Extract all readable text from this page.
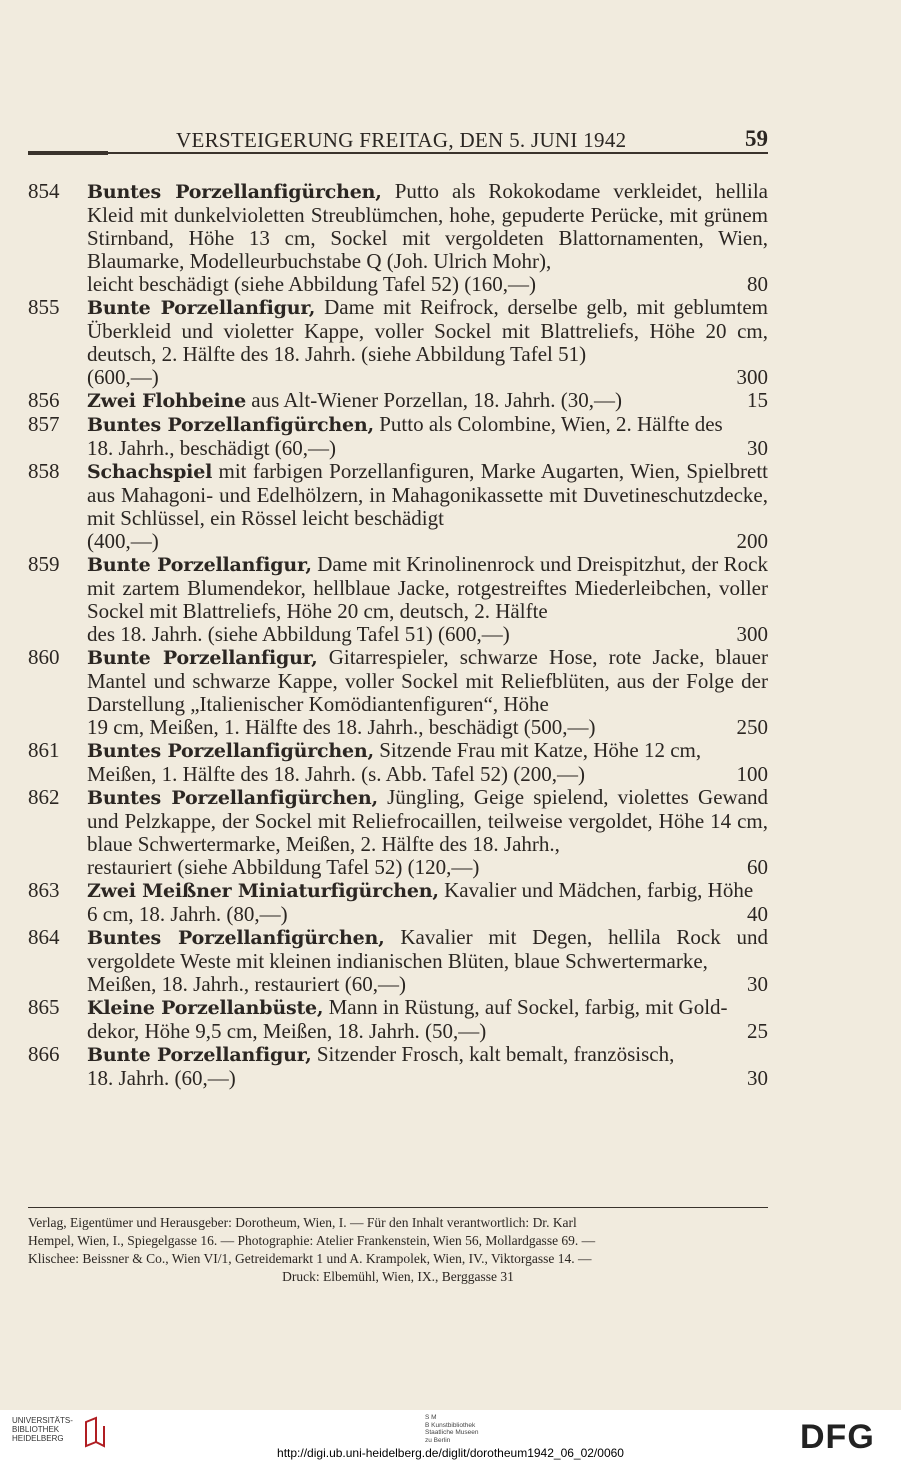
VERSTEIGERUNG FREITAG, DEN 5. JUNI 1942	59
854 Buntes Porzellanfigürchen, Putto als Rokokodame verkleidet, hellila Kleid mit dunkelvioletten Streublümchen, hohe, gepuderte Perücke, mit grünem Stirnband, Höhe 13 cm, Sockel mit vergoldeten Blattornamenten, Wien, Blaumarke, Modelleurbuchstabe Q (Joh. Ulrich Mohr),
leicht beschädigt (siehe Abbildung Tafel 52) (160,—)	80
855 Bunte Porzellanfigur, Dame mit Reifrock, derselbe gelb, mit geblumtem Überkleid und violetter Kappe, voller Sockel mit Blattreliefs, Höhe 20 cm, deutsch, 2. Hälfte des 18. Jahrh. (siehe Abbildung Tafel 51)
(600,—)	300
856 Zwei Flohbeine aus Alt-Wiener Porzellan, 18. Jahrh. (30,—)	15
857 Buntes Porzellanfigürchen, Putto als Colombine, Wien, 2. Hälfte des
18. Jahrh., beschädigt (60,—)	30
858 Schachspiel mit farbigen Porzellanfiguren, Marke Augarten, Wien, Spielbrett aus Mahagoni- und Edelhölzern, in Mahagonikassette mit Duvetineschutzdecke, mit Schlüssel, ein Rössel leicht beschädigt
(400,—)	200
859 Bunte Porzellanfigur, Dame mit Krinolinenrock und Dreispitzhut, der Rock mit zartem Blumendekor, hellblaue Jacke, rotgestreiftes Miederleibchen, voller Sockel mit Blattreliefs, Höhe 20 cm, deutsch, 2. Hälfte
des 18. Jahrh. (siehe Abbildung Tafel 51) (600,—)	300
860 Bunte Porzellanfigur, Gitarrespieler, schwarze Hose, rote Jacke, blauer Mantel und schwarze Kappe, voller Sockel mit Reliefblüten, aus der Folge der Darstellung „Italienischer Komödiantenfiguren“, Höhe
19 cm, Meißen, 1. Hälfte des 18. Jahrh., beschädigt (500,—)	250
861 Buntes Porzellanfigürchen, Sitzende Frau mit Katze, Höhe 12 cm,
Meißen, 1. Hälfte des 18. Jahrh. (s. Abb. Tafel 52) (200,—)	100
862 Buntes Porzellanfigürchen, Jüngling, Geige spielend, violettes Gewand und Pelzkappe, der Sockel mit Reliefrocaillen, teilweise vergoldet, Höhe 14 cm, blaue Schwertermarke, Meißen, 2. Hälfte des 18. Jahrh.,
restauriert (siehe Abbildung Tafel 52) (120,—)	60
863 Zwei Meißner Miniaturfigürchen, Kavalier und Mädchen, farbig, Höhe
6 cm, 18. Jahrh. (80,—)	40
864 Buntes Porzellanfigürchen, Kavalier mit Degen, hellila Rock und vergoldete Weste mit kleinen indianischen Blüten, blaue Schwertermarke,
Meißen, 18. Jahrh., restauriert (60,—)	30
865 Kleine Porzellanbüste, Mann in Rüstung, auf Sockel, farbig, mit Gold-
dekor, Höhe 9,5 cm, Meißen, 18. Jahrh. (50,—)	25
866 Bunte Porzellanfigur, Sitzender Frosch, kalt bemalt, französisch,
18. Jahrh. (60,—)	30
Verlag, Eigentümer und Herausgeber: Dorotheum, Wien, I. — Für den Inhalt verantwortlich: Dr. Karl
Hempel, Wien, I., Spiegelgasse 16. — Photographie: Atelier Frankenstein, Wien 56, Mollardgasse 69. —
Klischee: Beissner & Co., Wien VI/1, Getreidemarkt 1 und A. Krampolek, Wien, IV., Viktorgasse 14. —
Druck: Elbemühl, Wien, IX., Berggasse 31
UNIVERSITÄTS-
BIBLIOTHEK
HEIDELBERG
S M
B Kunstbibliothek
Staatliche Museen
zu Berlin	DFG
http://digi.ub.uni-heidelberg.de/diglit/dorotheum1942_06_02/0060
